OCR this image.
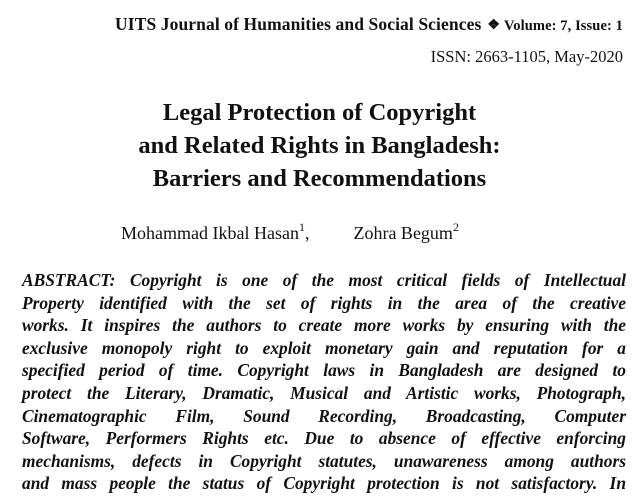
UITS Journal of Humanities and Social Sciences ❖ Volume: 7, Issue: 1
ISSN: 2663-1105, May-2020
Legal Protection of Copyright
and Related Rights in Bangladesh:
Barriers and Recommendations
Mohammad Ikbal Hasan$^1$, Zohra Begum$^2$
ABSTRACT: Copyright is one of the most critical fields of Intellectual
Property identified with the set of rights in the area of the creative
works. It inspires the authors to create more works by ensuring with the
exclusive monopoly right to exploit monetary gain and reputation for a
specified period of time. Copyright laws in Bangladesh are designed to
protect the Literary, Dramatic, Musical and Artistic works, Photograph,
Cinematographic Film, Sound Recording, Broadcasting, Computer
Software, Performers Rights etc. Due to absence of effective enforcing
mechanisms, defects in Copyright statutes, unawareness among authors
and mass people the status of Copyright protection is not satisfactory. In
